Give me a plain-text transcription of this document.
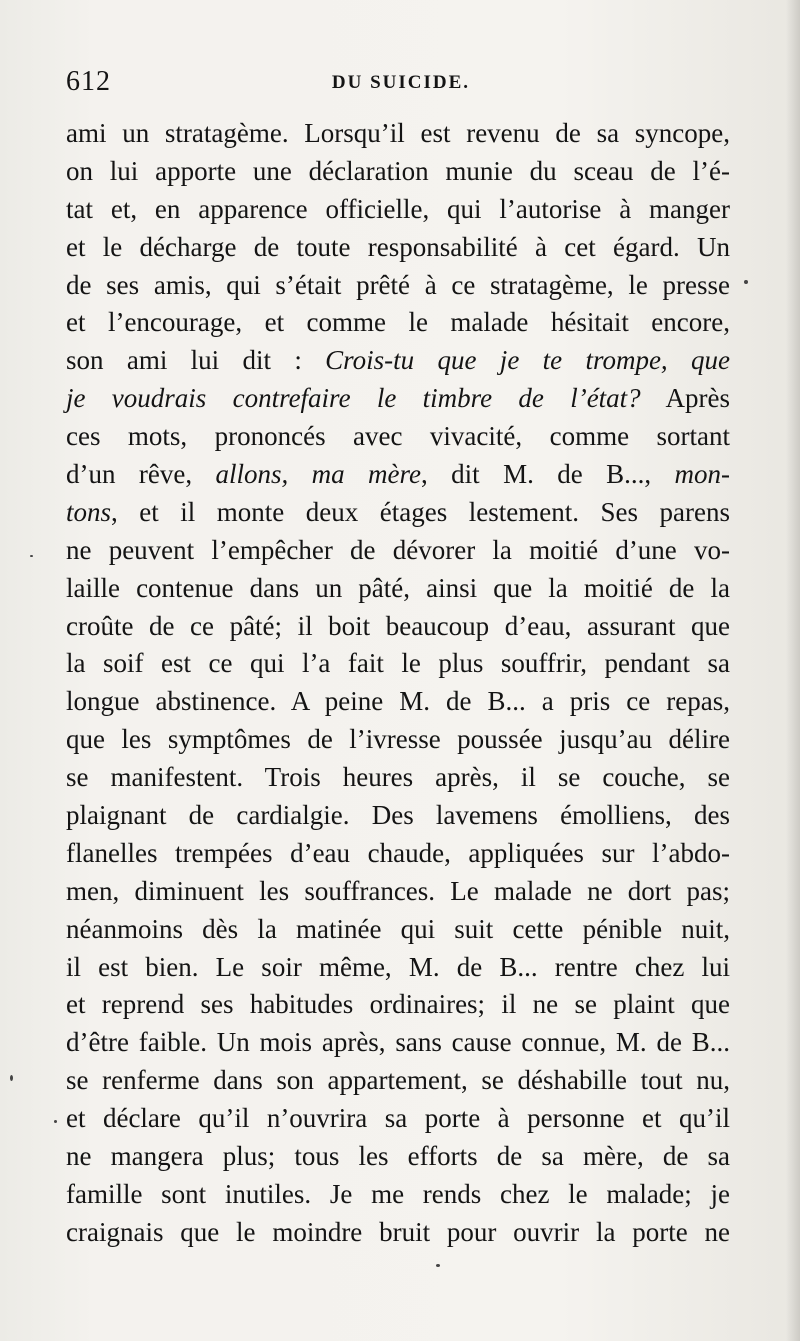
612	DU SUICIDE.
ami un stratagème. Lorsqu’il est revenu de sa syncope,
on lui apporte une déclaration munie du sceau de l’é-
tat et, en apparence officielle, qui l’autorise à manger
et le décharge de toute responsabilité à cet égard. Un
de ses amis, qui s’était prêté à ce stratagème, le presse
et l’encourage, et comme le malade hésitait encore,
son ami lui dit : Crois-tu que je te trompe, que
je voudrais contrefaire le timbre de l’état? Après
ces mots, prononcés avec vivacité, comme sortant
d’un rêve, allons, ma mère, dit M. de B..., mon-
tons, et il monte deux étages lestement. Ses parens
ne peuvent l’empêcher de dévorer la moitié d’une vo-
laille contenue dans un pâté, ainsi que la moitié de la
croûte de ce pâté; il boit beaucoup d’eau, assurant que
la soif est ce qui l’a fait le plus souffrir, pendant sa
longue abstinence. A peine M. de B... a pris ce repas,
que les symptômes de l’ivresse poussée jusqu’au délire
se manifestent. Trois heures après, il se couche, se
plaignant de cardialgie. Des lavemens émolliens, des
flanelles trempées d’eau chaude, appliquées sur l’abdo-
men, diminuent les souffrances. Le malade ne dort pas;
néanmoins dès la matinée qui suit cette pénible nuit,
il est bien. Le soir même, M. de B... rentre chez lui
et reprend ses habitudes ordinaires; il ne se plaint que
d’être faible. Un mois après, sans cause connue, M. de B...
se renferme dans son appartement, se déshabille tout nu,
et déclare qu’il n’ouvrira sa porte à personne et qu’il
ne mangera plus; tous les efforts de sa mère, de sa
famille sont inutiles. Je me rends chez le malade; je
craignais que le moindre bruit pour ouvrir la porte ne
